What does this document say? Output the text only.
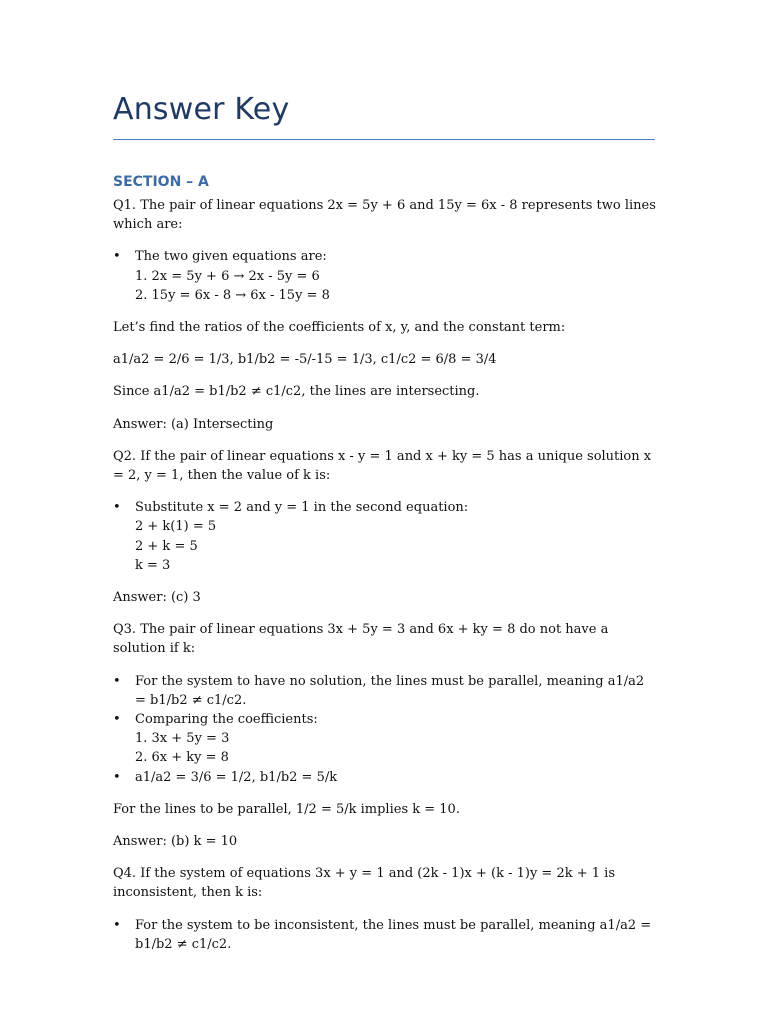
Answer Key
SECTION – A

Q1. The pair of linear equations 2x = 5y + 6 and 15y = 6x - 8 represents two lines which are:

• The two given equations are:
1. 2x = 5y + 6 → 2x - 5y = 6
2. 15y = 6x - 8 → 6x - 15y = 8

Let’s find the ratios of the coefficients of x, y, and the constant term:

a1/a2 = 2/6 = 1/3, b1/b2 = -5/-15 = 1/3, c1/c2 = 6/8 = 3/4

Since a1/a2 = b1/b2 ≠ c1/c2, the lines are intersecting.

Answer: (a) Intersecting

Q2. If the pair of linear equations x - y = 1 and x + ky = 5 has a unique solution x = 2, y = 1, then the value of k is:

• Substitute x = 2 and y = 1 in the second equation:
2 + k(1) = 5
2 + k = 5
k = 3

Answer: (c) 3

Q3. The pair of linear equations 3x + 5y = 3 and 6x + ky = 8 do not have a solution if k:

• For the system to have no solution, the lines must be parallel, meaning a1/a2 = b1/b2 ≠ c1/c2.
• Comparing the coefficients:
1. 3x + 5y = 3
2. 6x + ky = 8
• a1/a2 = 3/6 = 1/2, b1/b2 = 5/k

For the lines to be parallel, 1/2 = 5/k implies k = 10.

Answer: (b) k = 10

Q4. If the system of equations 3x + y = 1 and (2k - 1)x + (k - 1)y = 2k + 1 is inconsistent, then k is:

• For the system to be inconsistent, the lines must be parallel, meaning a1/a2 = b1/b2 ≠ c1/c2.
